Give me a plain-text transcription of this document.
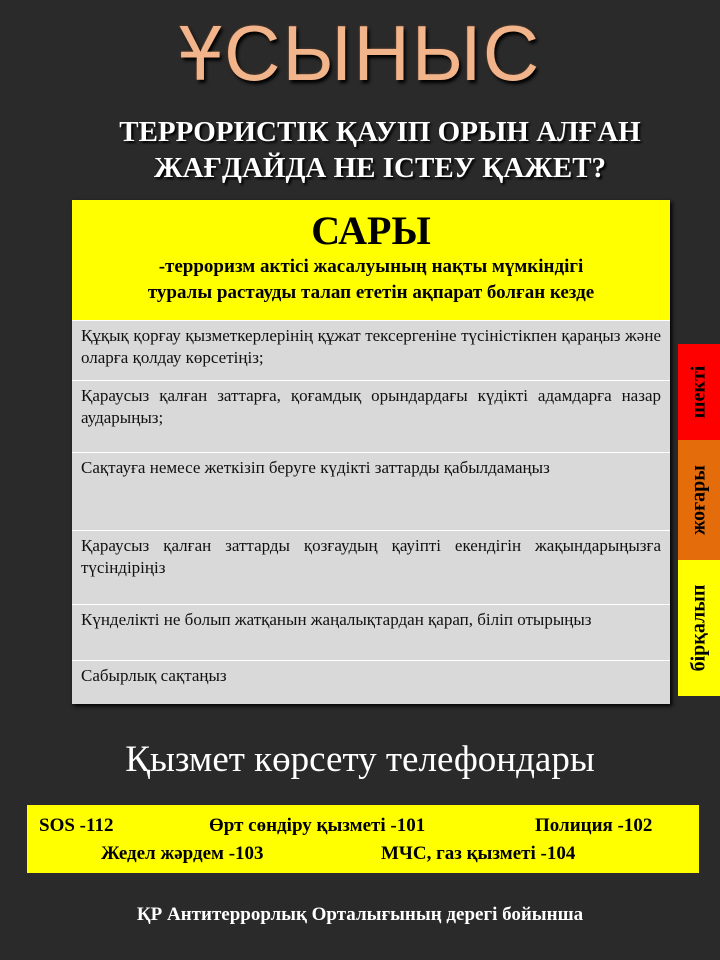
ҰСЫНЫС
ТЕРРОРИСТІК ҚАУІП ОРЫН АЛҒАН
ЖАҒДАЙДА НЕ ІСТЕУ ҚАЖЕТ?
САРЫ
-терроризм актісі жасалуының нақты мүмкіндігі
туралы растауды талап ететін ақпарат болған кезде
Құқық қорғау қызметкерлерінің құжат тексергеніне түсіністікпен қараңыз және оларға қолдау көрсетіңіз;
Қараусыз қалған заттарға, қоғамдық орындардағы күдікті адамдарға назар аударыңыз;
Сақтауға немесе жеткізіп беруге күдікті заттарды қабылдамаңыз
Қараусыз қалған заттарды қозғаудың қауіпті екендігін жақындарыңызға түсіндіріңіз
Күнделікті не болып жатқанын жаңалықтардан қарап, біліп отырыңыз
Сабырлық сақтаңыз
шекті
жоғары
бірқалып
Қызмет көрсету телефондары
SOS -112	Өрт сөндіру қызметі -101	Полиция -102
Жедел жәрдем -103	МЧС, газ қызметі -104
ҚР Антитеррорлық Орталығының дерегі бойынша
